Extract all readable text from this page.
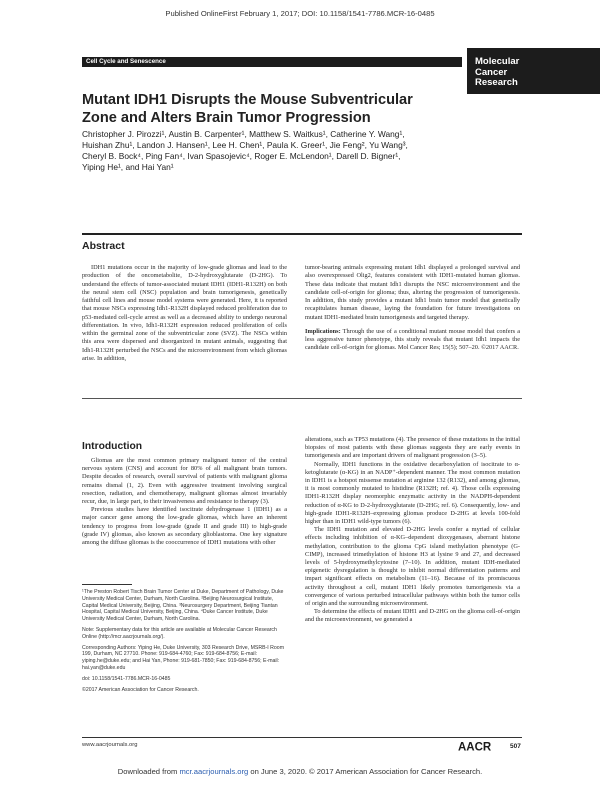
Published OnlineFirst February 1, 2017; DOI: 10.1158/1541-7786.MCR-16-0485
Cell Cycle and Senescence	Molecular
Cancer
Research
Mutant IDH1 Disrupts the Mouse Subventricular
Zone and Alters Brain Tumor Progression
Christopher J. Pirozzi¹, Austin B. Carpenter¹, Matthew S. Waitkus¹, Catherine Y. Wang¹,
Huishan Zhu¹, Landon J. Hansen¹, Lee H. Chen¹, Paula K. Greer¹, Jie Feng², Yu Wang³,
Cheryl B. Bock⁴, Ping Fan⁴, Ivan Spasojevic⁴, Roger E. McLendon¹, Darell D. Bigner¹,
Yiping He¹, and Hai Yan¹
Abstract

IDH1 mutations occur in the majority of low-grade gliomas and lead to the production of the oncometabolite, D-2-hydroxyglutarate (D-2HG). To understand the effects of tumor-associated mutant IDH1 (IDH1-R132H) on both the neural stem cell (NSC) population and brain tumorigenesis, genetically faithful cell lines and mouse model systems were generated. Here, it is reported that mouse NSCs expressing Idh1-R132H displayed reduced proliferation due to p53-mediated cell-cycle arrest as well as a decreased ability to undergo neuronal differentiation. In vivo, Idh1-R132H expression reduced proliferation of cells within the germinal zone of the subventricular zone (SVZ). The NSCs within this area were dispersed and disorganized in mutant animals, suggesting that Idh1-R132H perturbed the NSCs and the microenvironment from which gliomas arise. In addition,

tumor-bearing animals expressing mutant Idh1 displayed a prolonged survival and also overexpressed Olig2, features consistent with IDH1-mutated human gliomas. These data indicate that mutant Idh1 disrupts the NSC microenvironment and the candidate cell-of-origin for glioma; thus, altering the progression of tumorigenesis. In addition, this study provides a mutant Idh1 brain tumor model that genetically recapitulates human disease, laying the foundation for future investigations on mutant IDH1-mediated brain tumorigenesis and targeted therapy.

Implications: Through the use of a conditional mutant mouse model that confers a less aggressive tumor phenotype, this study reveals that mutant Idh1 impacts the candidate cell-of-origin for gliomas. Mol Cancer Res; 15(5); 507–20. ©2017 AACR.

Introduction

Gliomas are the most common primary malignant tumor of the central nervous system (CNS) and account for 80% of all malignant brain tumors. Despite decades of research, overall survival of patients with malignant glioma remains dismal (1, 2). Even with aggressive treatment involving surgical resection, radiation, and chemotherapy, malignant gliomas almost invariably recur, due, in large part, to their invasiveness and resistance to therapy (3).

Previous studies have identified isocitrate dehydrogenase 1 (IDH1) as a major cancer gene among the low-grade gliomas, which have an inherent tendency to progress from low-grade (grade II and grade III) to high-grade (grade IV) gliomas, also known as secondary glioblastoma. One key signature among the diffuse gliomas is the cooccurrence of IDH1 mutations with other

alterations, such as TP53 mutations (4). The presence of these mutations in the initial biopsies of most patients with these gliomas suggests they are early events in tumorigenesis and are important drivers of malignant progression (3–5).

Normally, IDH1 functions in the oxidative decarboxylation of isocitrate to α-ketoglutarate (α-KG) in an NADP⁺-dependent manner. The most common mutation in IDH1 is a hotspot missense mutation at arginine 132 (R132), and among gliomas, it is most commonly mutated to histidine (R132H; ref. 4). Those cells expressing IDH1-R132H display neomorphic enzymatic activity in the NADPH-dependent reduction of α-KG to D-2-hydroxyglutarate (D-2HG; ref. 6). Consequently, low- and high-grade IDH1-R132H–expressing gliomas produce D-2HG at levels 100-fold higher than in IDH1 wild-type tumors (6).

The IDH1 mutation and elevated D-2HG levels confer a myriad of cellular effects including inhibition of α-KG–dependent dioxygenases, aberrant histone methylation, contribution to the glioma CpG island methylation phenotype (G-CIMP), increased trimethylation of histone H3 at lysine 9 and 27, and decreased levels of 5-hydroxymethylcytosine (7–10). In addition, mutant IDH-mediated epigenetic dysregulation is thought to inhibit normal differentiation patterns and impart significant effects on metabolism (11–16). Because of its promiscuous activity throughout a cell, mutant IDH1 likely promotes tumorigenesis via a convergence of various perturbed intracellular pathways within both the tumor cells of origin and the surrounding microenvironment.

To determine the effects of mutant IDH1 and D-2HG on the glioma cell-of-origin and the microenvironment, we generated a

¹The Preston Robert Tisch Brain Tumor Center at Duke, Department of Pathology, Duke University Medical Center, Durham, North Carolina. ²Beijing Neurosurgical Institute, Capital Medical University, Beijing, China. ³Neurosurgery Department, Beijing Tiantan Hospital, Capital Medical University, Beijing, China. ⁴Duke Cancer Institute, Duke University Medical Center, Durham, North Carolina.

Note: Supplementary data for this article are available at Molecular Cancer Research Online (http://mcr.aacrjournals.org/).

Corresponding Authors: Yiping He, Duke University, 303 Research Drive, MSRB-I Room 199, Durham, NC 27710. Phone: 919-684-4760; Fax: 919-684-8756; E-mail: yiping.he@duke.edu; and Hai Yan, Phone: 919-681-7850; Fax: 919-684-8756; E-mail: hai.yan@duke.edu

doi: 10.1158/1541-7786.MCR-16-0485

©2017 American Association for Cancer Research.

www.aacrjournals.org	AACR	507
Downloaded from mcr.aacrjournals.org on June 3, 2020. © 2017 American Association for Cancer Research.
